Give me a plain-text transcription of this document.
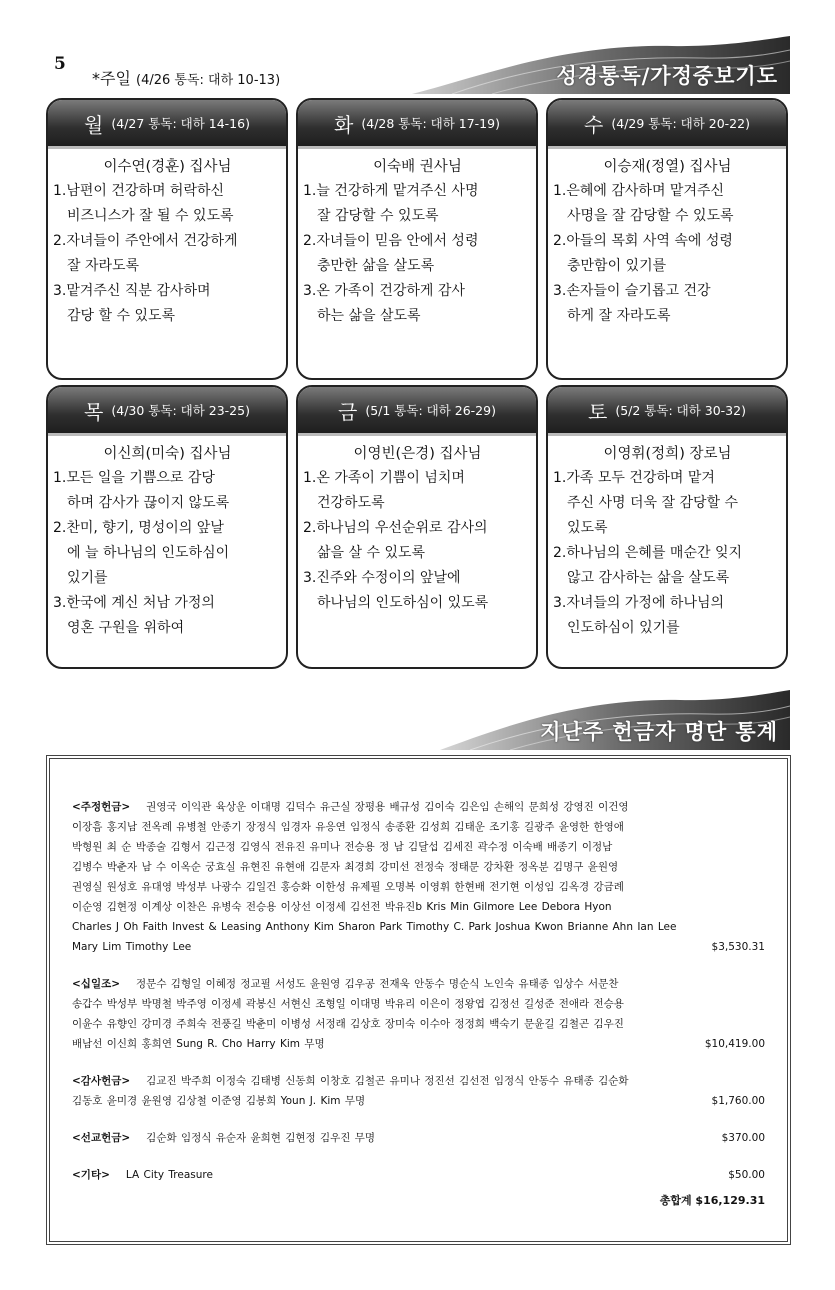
5
*주일 (4/26 통독: 대하 10-13)	성경통독/가정중보기도
월 (4/27 통독: 대하 14-16)
이수연(경훈) 집사님
1.남편이 건강하며 허락하신
비즈니스가 잘 될 수 있도록
2.자녀들이 주안에서 건강하게
잘 자라도록
3.맡겨주신 직분 감사하며
감당 할 수 있도록
화 (4/28 통독: 대하 17-19)
이숙배 권사님
1.늘 건강하게 맡겨주신 사명
잘 감당할 수 있도록
2.자녀들이 믿음 안에서 성령
충만한 삶을 살도록
3.온 가족이 건강하게 감사
하는 삶을 살도록
수 (4/29 통독: 대하 20-22)
이승재(정열) 집사님
1.은혜에 감사하며 맡겨주신
사명을 잘 감당할 수 있도록
2.아들의 목회 사역 속에 성령
충만함이 있기를
3.손자들이 슬기롭고 건강
하게 잘 자라도록
목 (4/30 통독: 대하 23-25)
이신희(미숙) 집사님
1.모든 일을 기쁨으로 감당
하며 감사가 끊이지 않도록
2.찬미, 향기, 명성이의 앞날
에 늘 하나님의 인도하심이
있기를
3.한국에 계신 처남 가정의
영혼 구원을 위하여
금 (5/1 통독: 대하 26-29)
이영빈(은경) 집사님
1.온 가족이 기쁨이 넘치며
건강하도록
2.하나님의 우선순위로 감사의
삶을 살 수 있도록
3.진주와 수정이의 앞날에
하나님의 인도하심이 있도록
토 (5/2 통독: 대하 30-32)
이영휘(정희) 장로님
1.가족 모두 건강하며 맡겨
주신 사명 더욱 잘 감당할 수
있도록
2.하나님의 은혜를 매순간 잊지
않고 감사하는 삶을 살도록
3.자녀들의 가정에 하나님의
인도하심이 있기를
지난주 헌금자 명단 통계
<주정헌금> 권영국 이익관 육상운 이대명 김덕수 유근실 장평용 배규성 김이숙 김은임 손해익 문희성 강영진 이건영
이장흠 홍지남 전옥례 유병철 안종기 장정식 임경자 유응연 임정식 송종환 김성희 김태운 조기홍 길광주 윤영한 한영애
박형원 최 순 박종술 김형서 김근정 김영식 전유진 유미나 전승용 정 남 김달섭 김세진 곽수정 이숙배 배종기 이정남
김병수 박춘자 남 수 이옥순 궁효실 유현진 유현애 김문자 최경희 강미선 전정숙 정태문 강차환 정옥분 김명구 윤원영
권영실 원성호 유대영 박성부 나광수 김일건 홍승화 이한성 유제필 오명복 이영휘 한현배 전기현 이성임 김옥경 강금례
이순영 김현정 이계상 이찬은 유병숙 전승용 이상선 이정세 김선전 박유진b Kris Min Gilmore Lee Debora Hyon
Charles J Oh Faith Invest & Leasing Anthony Kim Sharon Park Timothy C. Park Joshua Kwon Brianne Ahn Ian Lee
Mary Lim Timothy Lee	$3,530.31
<십일조> 정문수 김형일 이혜정 정교필 서성도 윤원영 김우공 전재욱 안동수 명순식 노인숙 유태종 임상수 서문찬
송갑수 박성부 박명철 박주영 이정세 곽봉신 서현신 조형일 이대명 박유리 이은이 정왕엽 김정선 길성준 전애라 전승용
이윤수 유향인 강미경 주희숙 전풍길 박춘미 이병성 서정래 김상호 장미숙 이수아 정정희 백숙기 문윤길 김철곤 김우진
배남선 이신희 홍희연 Sung R. Cho Harry Kim 무명	$10,419.00
<감사헌금> 김교진 박주희 이정숙 김태병 신동희 이창호 김철곤 유미나 정진선 김선전 임정식 안동수 유태종 김순화
김동호 윤미경 윤원영 김상철 이준영 김봉희 Youn J. Kim 무명	$1,760.00
<선교헌금> 김순화 임정식 유순자 윤희현 김현정 김우진 무명	$370.00
<기타> LA City Treasure	$50.00
총합계 $16,129.31
